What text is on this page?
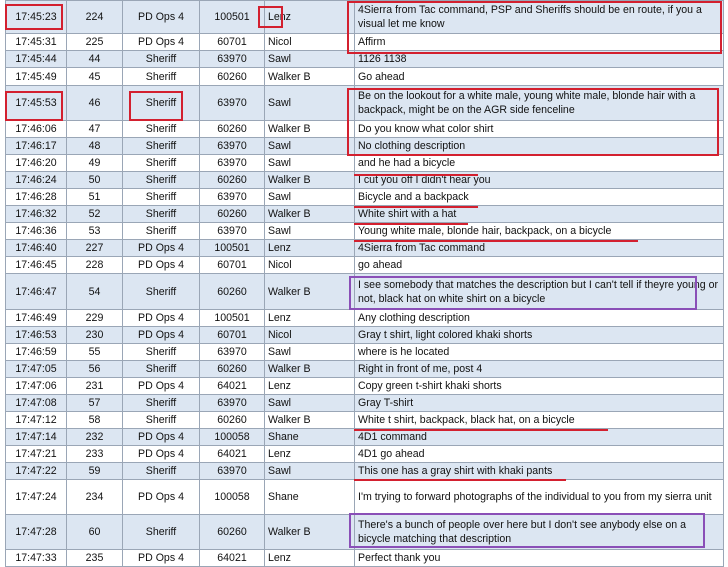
17:45:23	224	PD Ops 4	100501	Lenz	4Sierra from Tac command, PSP and Sheriffs should be en route, if you a visual let me know
17:45:31	225	PD Ops 4	60701	Nicol	Affirm
17:45:44	44	Sheriff	63970	Sawl	1126 1138
17:45:49	45	Sheriff	60260	Walker B	Go ahead
17:45:53	46	Sheriff	63970	Sawl	Be on the lookout for a white male, young white male, blonde hair with a backpack, might be on the AGR side fenceline
17:46:06	47	Sheriff	60260	Walker B	Do you know what color shirt
17:46:17	48	Sheriff	63970	Sawl	No clothing description
17:46:20	49	Sheriff	63970	Sawl	and he had a bicycle
17:46:24	50	Sheriff	60260	Walker B	I cut you off I didn't hear you
17:46:28	51	Sheriff	63970	Sawl	Bicycle and a backpack
17:46:32	52	Sheriff	60260	Walker B	White shirt with a hat
17:46:36	53	Sheriff	63970	Sawl	Young white male, blonde hair, backpack, on a bicycle
17:46:40	227	PD Ops 4	100501	Lenz	4Sierra from Tac command
17:46:45	228	PD Ops 4	60701	Nicol	go ahead
17:46:47	54	Sheriff	60260	Walker B	I see somebody that matches the description but I can't tell if theyre young or not, black hat on white shirt on a bicycle
17:46:49	229	PD Ops 4	100501	Lenz	Any clothing description
17:46:53	230	PD Ops 4	60701	Nicol	Gray t shirt, light colored khaki shorts
17:46:59	55	Sheriff	63970	Sawl	where is he located
17:47:05	56	Sheriff	60260	Walker B	Right in front of me, post 4
17:47:06	231	PD Ops 4	64021	Lenz	Copy green t-shirt khaki shorts
17:47:08	57	Sheriff	63970	Sawl	Gray T-shirt
17:47:12	58	Sheriff	60260	Walker B	White t shirt, backpack, black hat, on a bicycle
17:47:14	232	PD Ops 4	100058	Shane	4D1 command
17:47:21	233	PD Ops 4	64021	Lenz	4D1 go ahead
17:47:22	59	Sheriff	63970	Sawl	This one has a gray shirt with khaki pants
17:47:24	234	PD Ops 4	100058	Shane	I'm trying to forward photographs of the individual to you from my sierra unit
17:47:28	60	Sheriff	60260	Walker B	There's a bunch of people over here but I don't see anybody else on a bicycle matching that description
17:47:33	235	PD Ops 4	64021	Lenz	Perfect thank you
